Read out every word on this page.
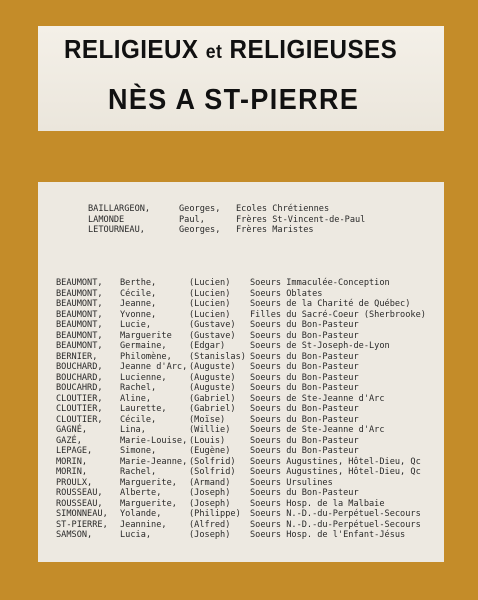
RELIGIEUX et RELIGIEUSES
NÈS A ST-PIERRE
BAILLARGEON,	Georges, Ecoles Chrétiennes
LAMONDE	Paul,	Frères St-Vincent-de-Paul
LETOURNEAU,	Georges, Frères Maristes
BEAUMONT, Berthe,	(Lucien) Soeurs Immaculée-Conception
BEAUMONT, Cécile,	(Lucien) Soeurs Oblates
BEAUMONT, Jeanne,	(Lucien) Soeurs de la Charité de Québec)
BEAUMONT, Yvonne,	(Lucien) Filles du Sacré-Coeur (Sherbrooke)
BEAUMONT, Lucie,	(Gustave) Soeurs du Bon-Pasteur
BEAUMONT, Marguerite (Gustave) Soeurs du Bon-Pasteur
BEAUMONT, Germaine,	(Edgar)	Soeurs de St-Joseph-de-Lyon
BERNIER,	Philomène, (Stanislas) Soeurs du Bon-Pasteur
BOUCHARD, Jeanne d'Arc, (Auguste) Soeurs du Bon-Pasteur
BOUCHARD, Lucienne,	(Auguste) Soeurs du Bon-Pasteur
BOUCAHRD, Rachel,	(Auguste) Soeurs du Bon-Pasteur
CLOUTIER, Aline,	(Gabriel) Soeurs de Ste-Jeanne d'Arc
CLOUTIER, Laurette,	(Gabriel) Soeurs du Bon-Pasteur
CLOUTIER, Cécile,	(Moïse)	Soeurs du Bon-Pasteur
GAGNÉ,	Lina,	(Willie) Soeurs de Ste-Jeanne d'Arc
GAZÉ,	Marie-Louise, (Louis)	Soeurs du Bon-Pasteur
LEPAGE,	Simone,	(Eugène) Soeurs du Bon-Pasteur
MORIN,	Marie-Jeanne, (Solfrid) Soeurs Augustines, Hôtel-Dieu, Qc
MORIN,	Rachel,	(Solfrid) Soeurs Augustines, Hôtel-Dieu, Qc
PROULX,	Marguerite, (Armand) Soeurs Ursulines
ROUSSEAU, Alberte,	(Joseph) Soeurs du Bon-Pasteur
ROUSSEAU, Marguerite, (Joseph) Soeurs Hosp. de la Malbaie
SIMONNEAU, Yolande,	(Philippe) Soeurs N.-D.-du-Perpétuel-Secours
ST-PIERRE, Jeannine,	(Alfred) Soeurs N.-D.-du-Perpétuel-Secours
SAMSON,	Lucia,	(Joseph) Soeurs Hosp. de l'Enfant-Jésus
